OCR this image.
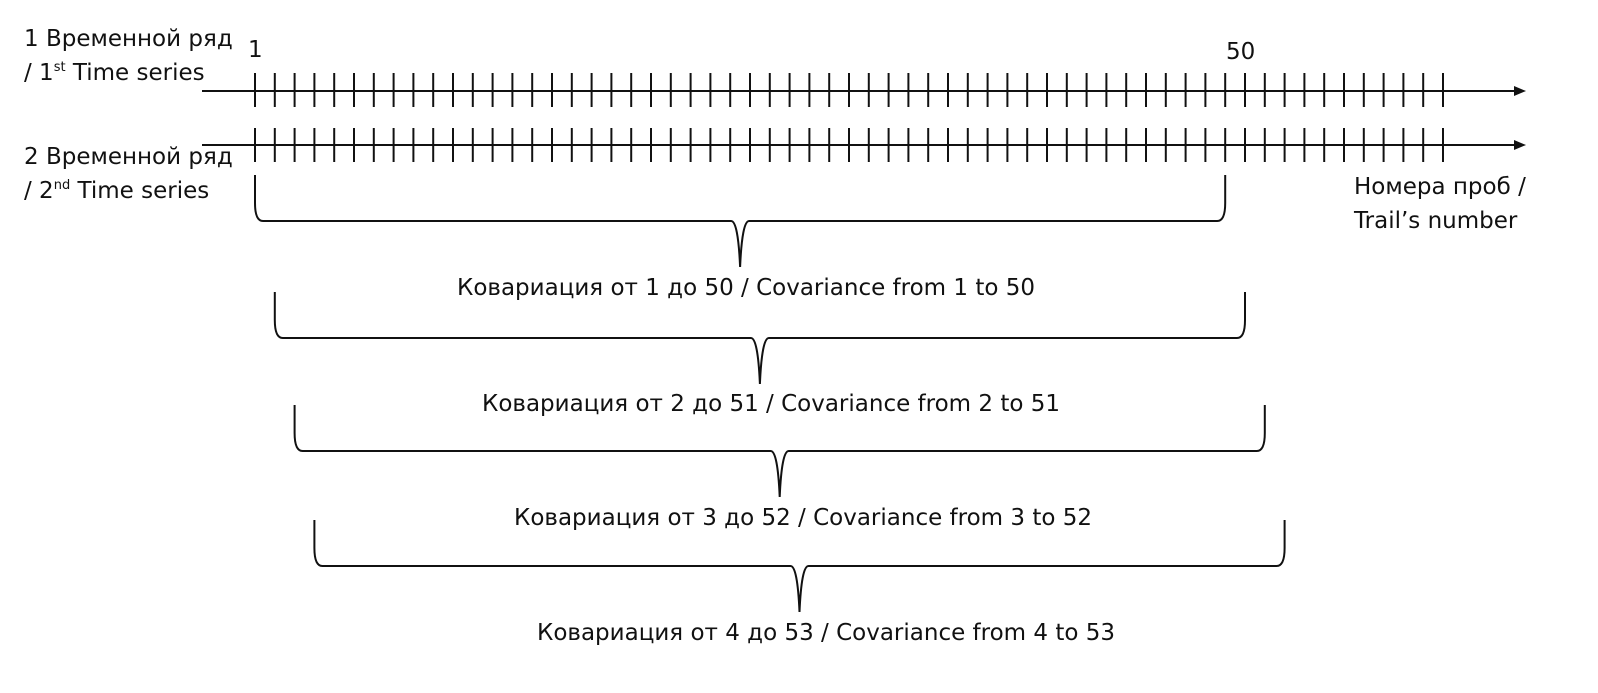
1 Временной ряд
/ 1st Time series
2 Временной ряд
/ 2nd Time series
1	50
Номера проб /
Trail’s number
Ковариация от 1 до 50 / Covariance from 1 to 50
Ковариация от 2 до 51 / Covariance from 2 to 51
Ковариация от 3 до 52 / Covariance from 3 to 52
Ковариация от 4 до 53 / Covariance from 4 to 53
